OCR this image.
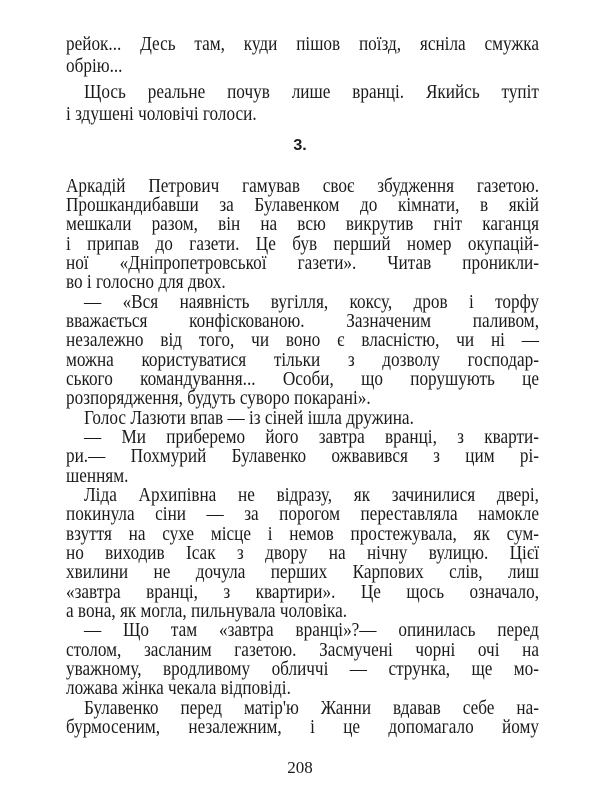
рейок... Десь там, куди пішов поїзд, ясніла смужка
обрію...
Щось реальне почув лише вранці. Якийсь тупіт
і здушені чоловічі голоси.
3.
Аркадій Петрович гамував своє збудження газетою.
Прошкандибавши за Булавенком до кімнати, в якій
мешкали разом, він на всю викрутив гніт каганця
і припав до газети. Це був перший номер окупацій-
ної «Дніпропетровської газети». Читав проникли-
во і голосно для двох.
— «Вся наявність вугілля, коксу, дров і торфу
вважається конфіскованою. Зазначеним паливом,
незалежно від того, чи воно є власністю, чи ні —
можна користуватися тільки з дозволу господар-
ського командування... Особи, що порушують це
розпорядження, будуть суворо покарані».
Голос Лазюти впав — із сіней ішла дружина.
— Ми приберемо його завтра вранці, з кварти-
ри.— Похмурий Булавенко ожвавився з цим рі-
шенням.
Ліда Архипівна не відразу, як зачинилися двері,
покинула сіни — за порогом переставляла намокле
взуття на сухе місце і немов простежувала, як сум-
но виходив Ісак з двору на нічну вулицю. Цієї
хвилини не дочула перших Карпових слів, лиш
«завтра вранці, з квартири». Це щось означало,
а вона, як могла, пильнувала чоловіка.
— Що там «завтра вранці»?— опинилась перед
столом, засланим газетою. Засмучені чорні очі на
уважному, вродливому обличчі — струнка, ще мо-
ложава жінка чекала відповіді.
Булавенко перед матір'ю Жанни вдавав себе на-
бурмосеним, незалежним, і це допомагало йому
208
